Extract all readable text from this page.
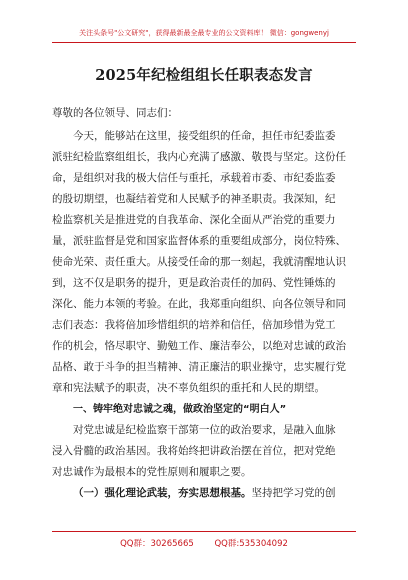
关注头条号"公文研究"，获得最新最全最专业的公文资料库！ 微信：gongwenyj
2025年纪检组组长任职表态发言
尊敬的各位领导、同志们：
今天，能够站在这里，接受组织的任命，担任市纪委监委
派驻纪检监察组组长，我内心充满了感激、敬畏与坚定。这份任
命，是组织对我的极大信任与重托，承载着市委、市纪委监委
的殷切期望，也凝结着党和人民赋予的神圣职责。我深知，纪
检监察机关是推进党的自我革命、深化全面从严治党的重要力
量，派驻监督是党和国家监督体系的重要组成部分，岗位特殊、
使命光荣、责任重大。从接受任命的那一刻起，我就清醒地认识
到，这不仅是职务的提升，更是政治责任的加码、党性锤炼的
深化、能力本领的考验。在此，我郑重向组织、向各位领导和同
志们表态：我将倍加珍惜组织的培养和信任，倍加珍惜为党工
作的机会，恪尽职守、勤勉工作、廉洁奉公，以绝对忠诚的政治
品格、敢于斗争的担当精神、清正廉洁的职业操守，忠实履行党
章和宪法赋予的职责，决不辜负组织的重托和人民的期望。
一、铸牢绝对忠诚之魂，做政治坚定的“明白人”
对党忠诚是纪检监察干部第一位的政治要求，是融入血脉
浸入骨髓的政治基因。我将始终把讲政治摆在首位，把对党绝
对忠诚作为最根本的党性原则和履职之要。
（一）强化理论武装，夯实思想根基。坚持把学习党的创
QQ群：30265665 QQ群:535304092
